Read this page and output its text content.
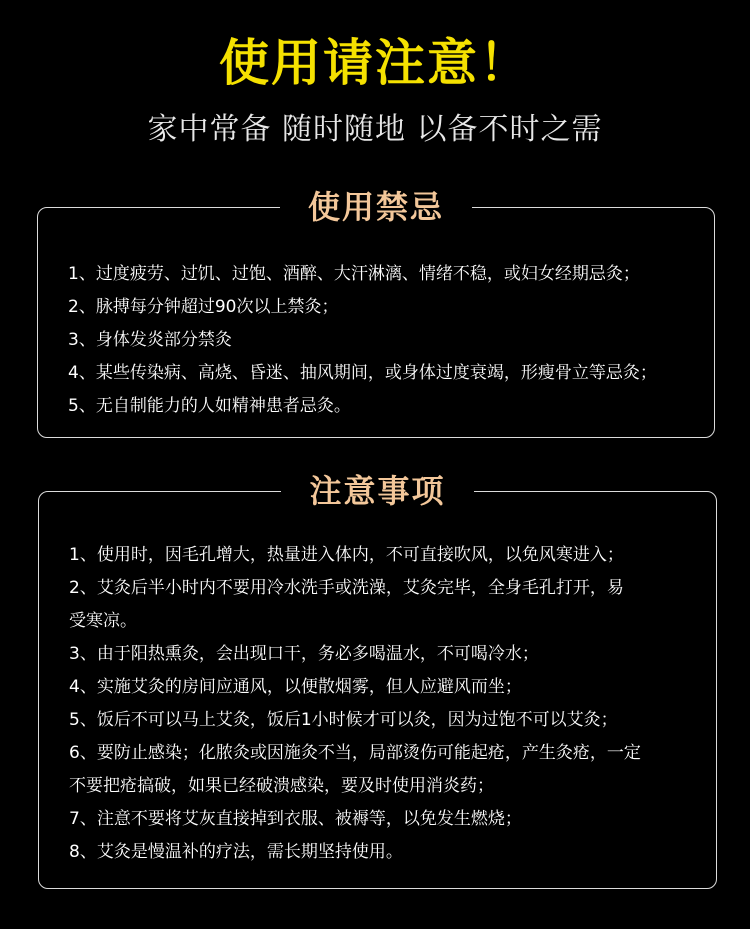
使用请注意！
家中常备 随时随地 以备不时之需
使用禁忌
1、过度疲劳、过饥、过饱、酒醉、大汗淋漓、情绪不稳，或妇女经期忌灸；
2、脉搏每分钟超过90次以上禁灸；
3、身体发炎部分禁灸
4、某些传染病、高烧、昏迷、抽风期间，或身体过度衰竭，形瘦骨立等忌灸；
5、无自制能力的人如精神患者忌灸。
注意事项
1、使用时，因毛孔增大，热量进入体内，不可直接吹风，以免风寒进入；
2、艾灸后半小时内不要用冷水洗手或洗澡，艾灸完毕，全身毛孔打开，易
受寒凉。
3、由于阳热熏灸，会出现口干，务必多喝温水，不可喝冷水；
4、实施艾灸的房间应通风，以便散烟雾，但人应避风而坐；
5、饭后不可以马上艾灸，饭后1小时候才可以灸，因为过饱不可以艾灸；
6、要防止感染；化脓灸或因施灸不当，局部烫伤可能起疮，产生灸疮，一定
不要把疮搞破，如果已经破溃感染，要及时使用消炎药；
7、注意不要将艾灰直接掉到衣服、被褥等，以免发生燃烧；
8、艾灸是慢温补的疗法，需长期坚持使用。
